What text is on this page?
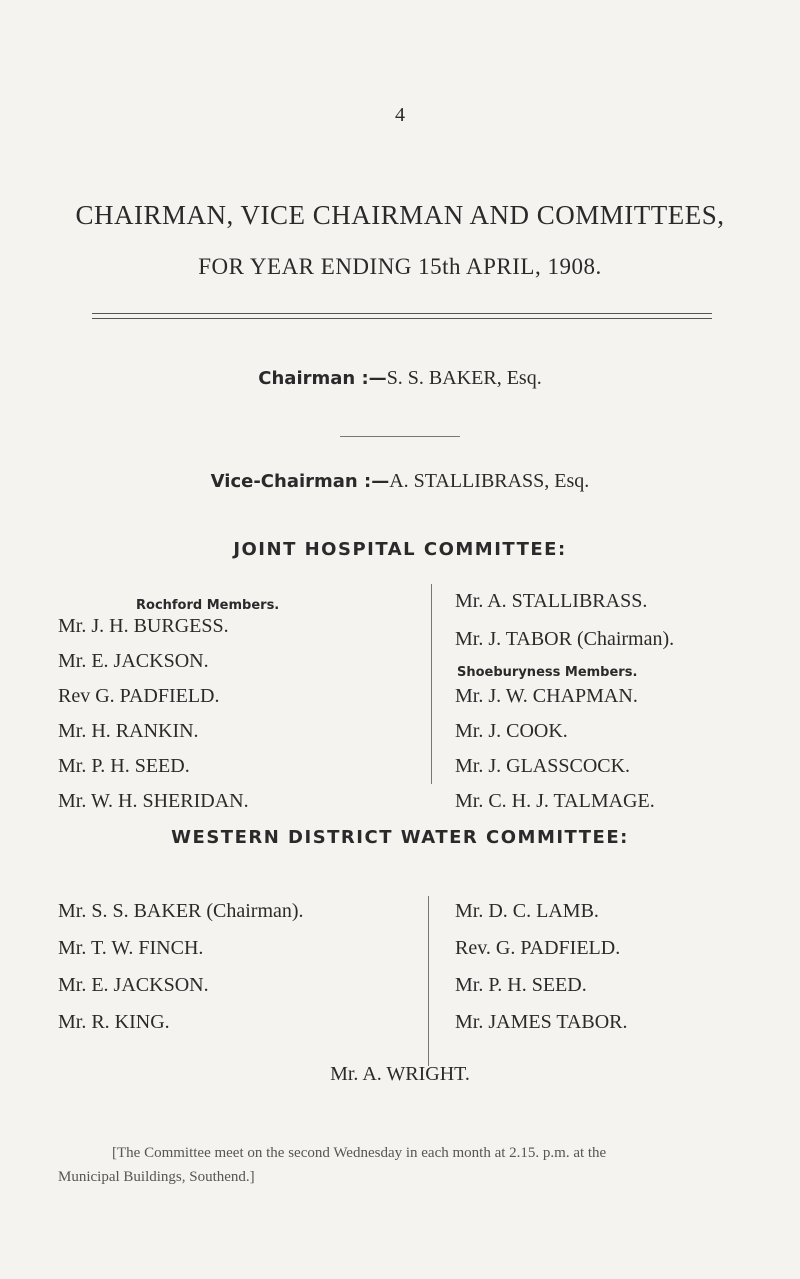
4
CHAIRMAN, VICE CHAIRMAN AND COMMITTEES,
FOR YEAR ENDING 15th APRIL, 1908.
Chairman :—S. S. BAKER, Esq.
Vice-Chairman :—A. STALLIBRASS, Esq.
JOINT HOSPITAL COMMITTEE:
Rochford Members.
Mr. J. H. BURGESS.
Mr. E. JACKSON.
Rev G. PADFIELD.
Mr. H. RANKIN.
Mr. P. H. SEED.
Mr. W. H. SHERIDAN.
Mr. A. STALLIBRASS.
Mr. J. TABOR (Chairman).
Shoeburyness Members.
Mr. J. W. CHAPMAN.
Mr. J. COOK.
Mr. J. GLASSCOCK.
Mr. C. H. J. TALMAGE.
WESTERN DISTRICT WATER COMMITTEE:
Mr. S. S. BAKER (Chairman).
Mr. T. W. FINCH.
Mr. E. JACKSON.
Mr. R. KING.
Mr. D. C. LAMB.
Rev. G. PADFIELD.
Mr. P. H. SEED.
Mr. JAMES TABOR.
Mr. A. WRIGHT.
[The Committee meet on the second Wednesday in each month at 2.15. p.m. at the
Municipal Buildings, Southend.]
